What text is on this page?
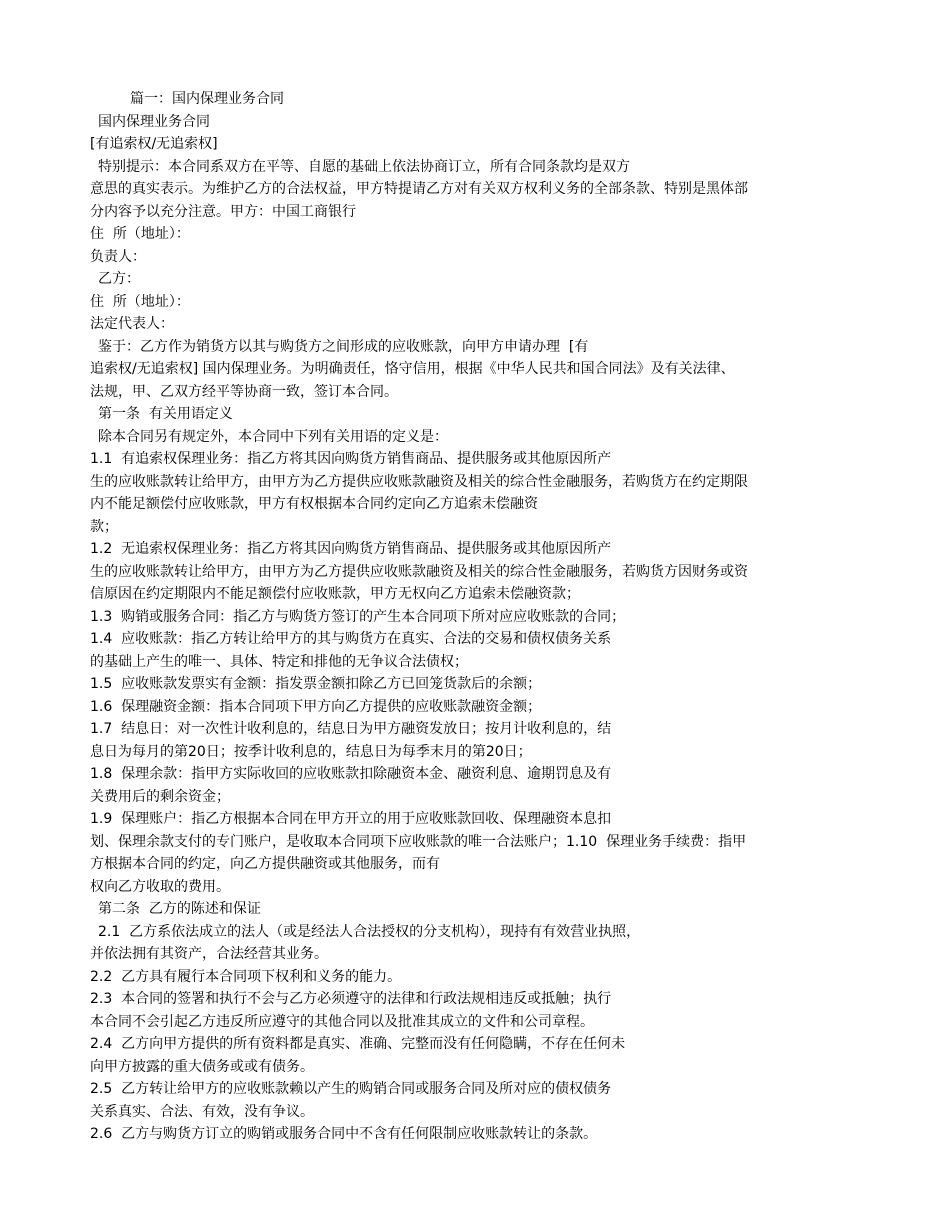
篇一：国内保理业务合同
国内保理业务合同
[有追索权/无追索权]
特别提示：本合同系双方在平等、自愿的基础上依法协商订立，所有合同条款均是双方
意思的真实表示。为维护乙方的合法权益，甲方特提请乙方对有关双方权利义务的全部条款、特别是黑体部
分内容予以充分注意。甲方：中国工商银行
住  所（地址）：
负责人：
乙方：
住  所（地址）：
法定代表人：
鉴于：乙方作为销货方以其与购货方之间形成的应收账款，向甲方申请办理  [有
追索权/无追索权] 国内保理业务。为明确责任，恪守信用，根据《中华人民共和国合同法》及有关法律、
法规，甲、乙双方经平等协商一致，签订本合同。
第一条  有关用语定义
除本合同另有规定外，本合同中下列有关用语的定义是：
1.1  有追索权保理业务：指乙方将其因向购货方销售商品、提供服务或其他原因所产
生的应收账款转让给甲方，由甲方为乙方提供应收账款融资及相关的综合性金融服务，若购货方在约定期限
内不能足额偿付应收账款，甲方有权根据本合同约定向乙方追索未偿融资
款；
1.2  无追索权保理业务：指乙方将其因向购货方销售商品、提供服务或其他原因所产
生的应收账款转让给甲方，由甲方为乙方提供应收账款融资及相关的综合性金融服务，若购货方因财务或资
信原因在约定期限内不能足额偿付应收账款，甲方无权向乙方追索未偿融资款；
1.3  购销或服务合同：指乙方与购货方签订的产生本合同项下所对应应收账款的合同；
1.4  应收账款：指乙方转让给甲方的其与购货方在真实、合法的交易和债权债务关系
的基础上产生的唯一、具体、特定和排他的无争议合法债权；
1.5  应收账款发票实有金额：指发票金额扣除乙方已回笼货款后的余额；
1.6  保理融资金额：指本合同项下甲方向乙方提供的应收账款融资金额；
1.7  结息日：对一次性计收利息的，结息日为甲方融资发放日；按月计收利息的，结
息日为每月的第20日；按季计收利息的，结息日为每季末月的第20日；
1.8  保理余款：指甲方实际收回的应收账款扣除融资本金、融资利息、逾期罚息及有
关费用后的剩余资金；
1.9  保理账户：指乙方根据本合同在甲方开立的用于应收账款回收、保理融资本息扣
划、保理余款支付的专门账户，是收取本合同项下应收账款的唯一合法账户；1.10  保理业务手续费：指甲
方根据本合同的约定，向乙方提供融资或其他服务，而有
权向乙方收取的费用。
第二条  乙方的陈述和保证
2.1  乙方系依法成立的法人（或是经法人合法授权的分支机构），现持有有效营业执照，
并依法拥有其资产，合法经营其业务。
2.2  乙方具有履行本合同项下权利和义务的能力。
2.3  本合同的签署和执行不会与乙方必须遵守的法律和行政法规相违反或抵触；执行
本合同不会引起乙方违反所应遵守的其他合同以及批准其成立的文件和公司章程。
2.4  乙方向甲方提供的所有资料都是真实、准确、完整而没有任何隐瞒，不存在任何未
向甲方披露的重大债务或或有债务。
2.5  乙方转让给甲方的应收账款赖以产生的购销合同或服务合同及所对应的债权债务
关系真实、合法、有效，没有争议。
2.6  乙方与购货方订立的购销或服务合同中不含有任何限制应收账款转让的条款。
